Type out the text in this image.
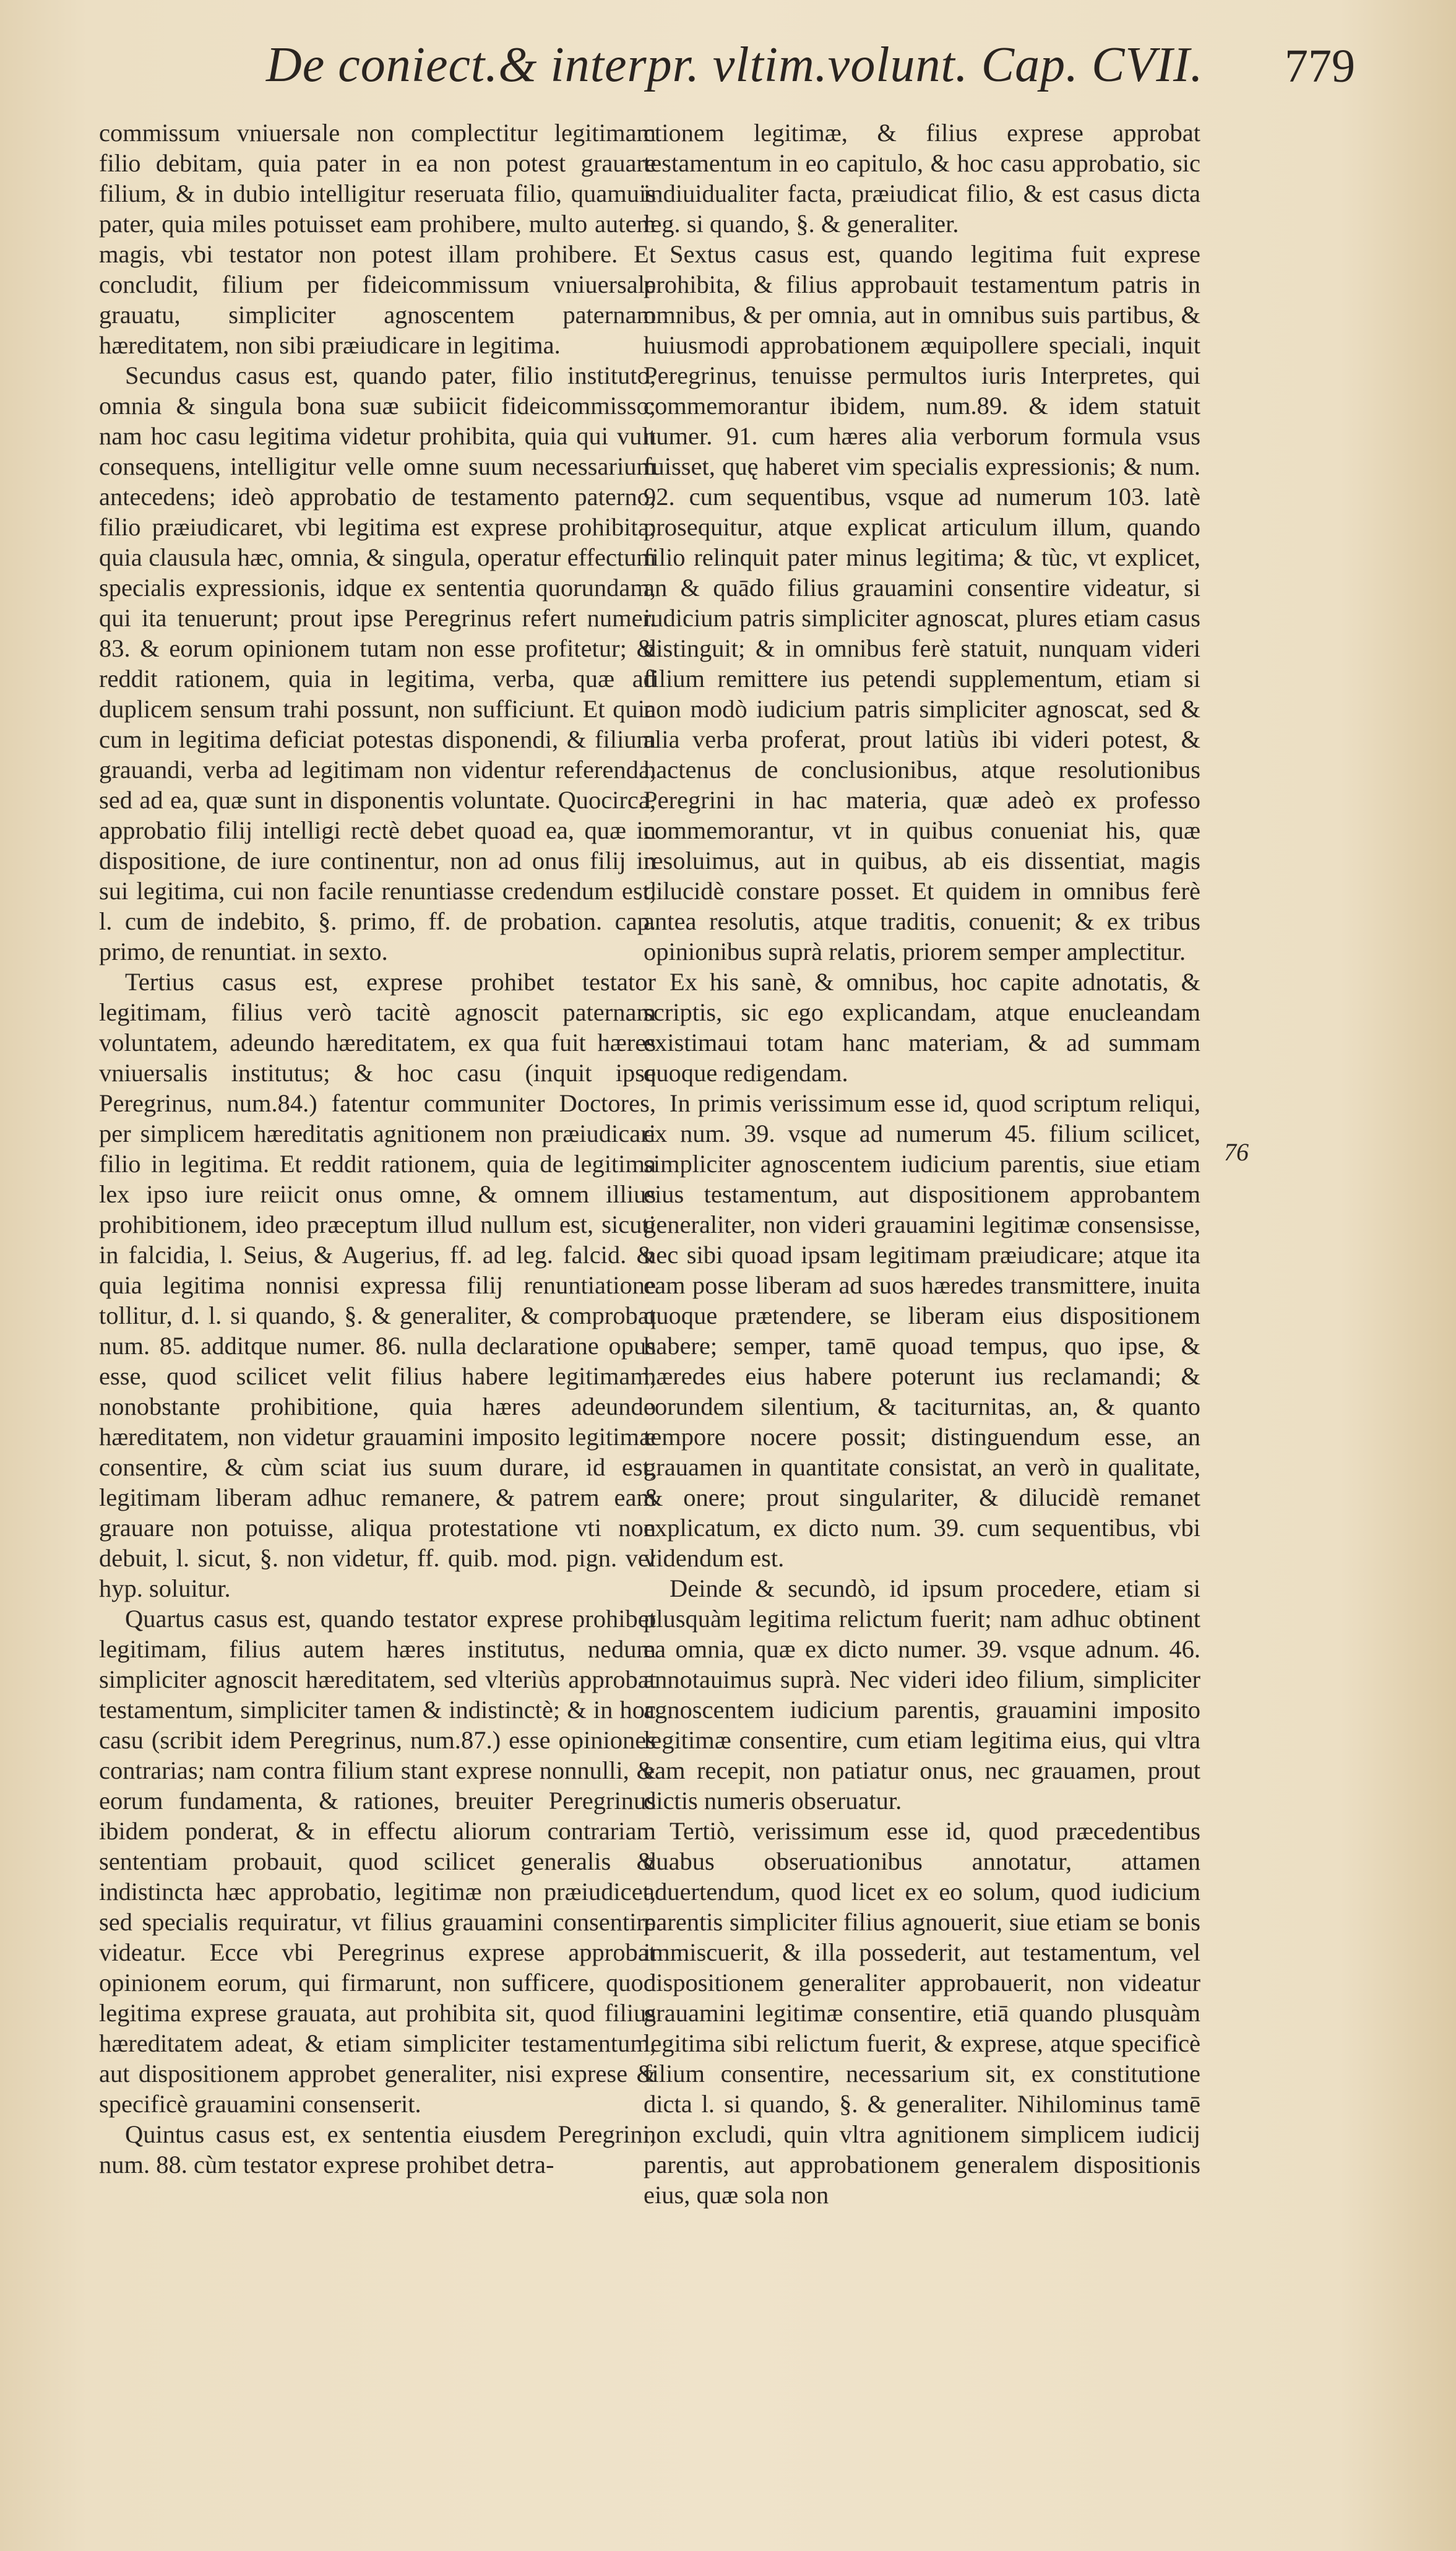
De coniect.& interpr. vltim.volunt. Cap. CVII. 779

commissum vniuersale non complectitur legitimam filio debitam, quia pater in ea non potest grauare filium, & in dubio intelligitur reseruata filio, quamuis pater, quia miles potuisset eam prohibere, multo autem magis, vbi testator non potest illam prohibere. Et concludit, filium per fideicommissum vniuersale grauatu, simpliciter agnoscentem paternam hæreditatem, non sibi præiudicare in legitima.

Secundus casus est, quando pater, filio instituto, omnia & singula bona suæ subiicit fideicommisso; nam hoc casu legitima videtur prohibita, quia qui vult consequens, intelligitur velle omne suum necessarium antecedens; ideò approbatio de testamento paterno, filio præiudicaret, vbi legitima est exprese prohibita; quia clausula hæc, omnia, & singula, operatur effectum specialis expressionis, idque ex sententia quorundam, qui ita tenuerunt; prout ipse Peregrinus refert numer. 83. & eorum opinionem tutam non esse profitetur; & reddit rationem, quia in legitima, verba, quæ ad duplicem sensum trahi possunt, non sufficiunt. Et quia cum in legitima deficiat potestas disponendi, & filium grauandi, verba ad legitimam non videntur referenda, sed ad ea, quæ sunt in disponentis voluntate. Quocirca, approbatio filij intelligi rectè debet quoad ea, quæ in dispositione, de iure continentur, non ad onus filij in sui legitima, cui non facile renuntiasse credendum est, l. cum de indebito, §. primo, ff. de probation. cap. primo, de renuntiat. in sexto.

Tertius casus est, exprese prohibet testator legitimam, filius verò tacitè agnoscit paternam voluntatem, adeundo hæreditatem, ex qua fuit hæres vniuersalis institutus; & hoc casu (inquit ipse Peregrinus, num.84.) fatentur communiter Doctores, per simplicem hæreditatis agnitionem non præiudicari filio in legitima. Et reddit rationem, quia de legitima lex ipso iure reiicit onus omne, & omnem illius prohibitionem, ideo præceptum illud nullum est, sicuti in falcidia, l. Seius, & Augerius, ff. ad leg. falcid. & quia legitima nonnisi expressa filij renuntiatione tollitur, d. l. si quando, §. & generaliter, & comprobat num. 85. additque numer. 86. nulla declaratione opus esse, quod scilicet velit filius habere legitimam, nonobstante prohibitione, quia hæres adeundo hæreditatem, non videtur grauamini imposito legitimæ consentire, & cùm sciat ius suum durare, id est, legitimam liberam adhuc remanere, & patrem eam grauare non potuisse, aliqua protestatione vti non debuit, l. sicut, §. non videtur, ff. quib. mod. pign. vel hyp. soluitur.

Quartus casus est, quando testator exprese prohibet legitimam, filius autem hæres institutus, nedum simpliciter agnoscit hæreditatem, sed vlteriùs approbat testamentum, simpliciter tamen & indistinctè; & in hoc casu (scribit idem Peregrinus, num.87.) esse opiniones contrarias; nam contra filium stant exprese nonnulli, & eorum fundamenta, & rationes, breuiter Peregrinus ibidem ponderat, & in effectu aliorum contrariam sententiam probauit, quod scilicet generalis & indistincta hæc approbatio, legitimæ non præiudicet, sed specialis requiratur, vt filius grauamini consentire videatur. Ecce vbi Peregrinus exprese approbat opinionem eorum, qui firmarunt, non sufficere, quod legitima exprese grauata, aut prohibita sit, quod filius hæreditatem adeat, & etiam simpliciter testamentum, aut dispositionem approbet generaliter, nisi exprese & specificè grauamini consenserit.

Quintus casus est, ex sententia eiusdem Peregrini, num. 88. cùm testator exprese prohibet detra-

ctionem legitimæ, & filius exprese approbat testamentum in eo capitulo, & hoc casu approbatio, sic indiuidualiter facta, præiudicat filio, & est casus dicta leg. si quando, §. & generaliter.

Sextus casus est, quando legitima fuit exprese prohibita, & filius approbauit testamentum patris in omnibus, & per omnia, aut in omnibus suis partibus, & huiusmodi approbationem æquipollere speciali, inquit Peregrinus, tenuisse permultos iuris Interpretes, qui commemorantur ibidem, num.89. & idem statuit numer. 91. cum hæres alia verborum formula vsus fuisset, quę haberet vim specialis expressionis; & num. 92. cum sequentibus, vsque ad numerum 103. latè prosequitur, atque explicat articulum illum, quando filio relinquit pater minus legitima; & tùc, vt explicet, an & quādo filius grauamini consentire videatur, si iudicium patris simpliciter agnoscat, plures etiam casus distinguit; & in omnibus ferè statuit, nunquam videri filium remittere ius petendi supplementum, etiam si non modò iudicium patris simpliciter agnoscat, sed & alia verba proferat, prout latiùs ibi videri potest, & hactenus de conclusionibus, atque resolutionibus Peregrini in hac materia, quæ adeò ex professo commemorantur, vt in quibus conueniat his, quæ resoluimus, aut in quibus, ab eis dissentiat, magis dilucidè constare posset. Et quidem in omnibus ferè antea resolutis, atque traditis, conuenit; & ex tribus opinionibus suprà relatis, priorem semper amplectitur.

Ex his sanè, & omnibus, hoc capite adnotatis, & scriptis, sic ego explicandam, atque enucleandam existimaui totam hanc materiam, & ad summam quoque redigendam.

In primis verissimum esse id, quod scriptum reliqui, ex num. 39. vsque ad numerum 45. filium scilicet, simpliciter agnoscentem iudicium parentis, siue etiam eius testamentum, aut dispositionem approbantem generaliter, non videri grauamini legitimæ consensisse, nec sibi quoad ipsam legitimam præiudicare; atque ita eam posse liberam ad suos hæredes transmittere, inuita quoque prætendere, se liberam eius dispositionem habere; semper, tamē quoad tempus, quo ipse, & hæredes eius habere poterunt ius reclamandi; & eorundem silentium, & taciturnitas, an, & quanto tempore nocere possit; distinguendum esse, an grauamen in quantitate consistat, an verò in qualitate, & onere; prout singulariter, & dilucidè remanet explicatum, ex dicto num. 39. cum sequentibus, vbi videndum est.

Deinde & secundò, id ipsum procedere, etiam si plusquàm legitima relictum fuerit; nam adhuc obtinent ea omnia, quæ ex dicto numer. 39. vsque adnum. 46. annotauimus suprà. Nec videri ideo filium, simpliciter agnoscentem iudicium parentis, grauamini imposito legitimæ consentire, cum etiam legitima eius, qui vltra eam recepit, non patiatur onus, nec grauamen, prout dictis numeris obseruatur.

Tertiò, verissimum esse id, quod præcedentibus duabus obseruationibus annotatur, attamen aduertendum, quod licet ex eo solum, quod iudicium parentis simpliciter filius agnouerit, siue etiam se bonis immiscuerit, & illa possederit, aut testamentum, vel dispositionem generaliter approbauerit, non videatur grauamini legitimæ consentire, etiā quando plusquàm legitima sibi relictum fuerit, & exprese, atque specificè filium consentire, necessarium sit, ex constitutione dicta l. si quando, §. & generaliter. Nihilominus tamē non excludi, quin vltra agnitionem simplicem iudicij parentis, aut approbationem generalem dispositionis eius, quæ sola non

76
